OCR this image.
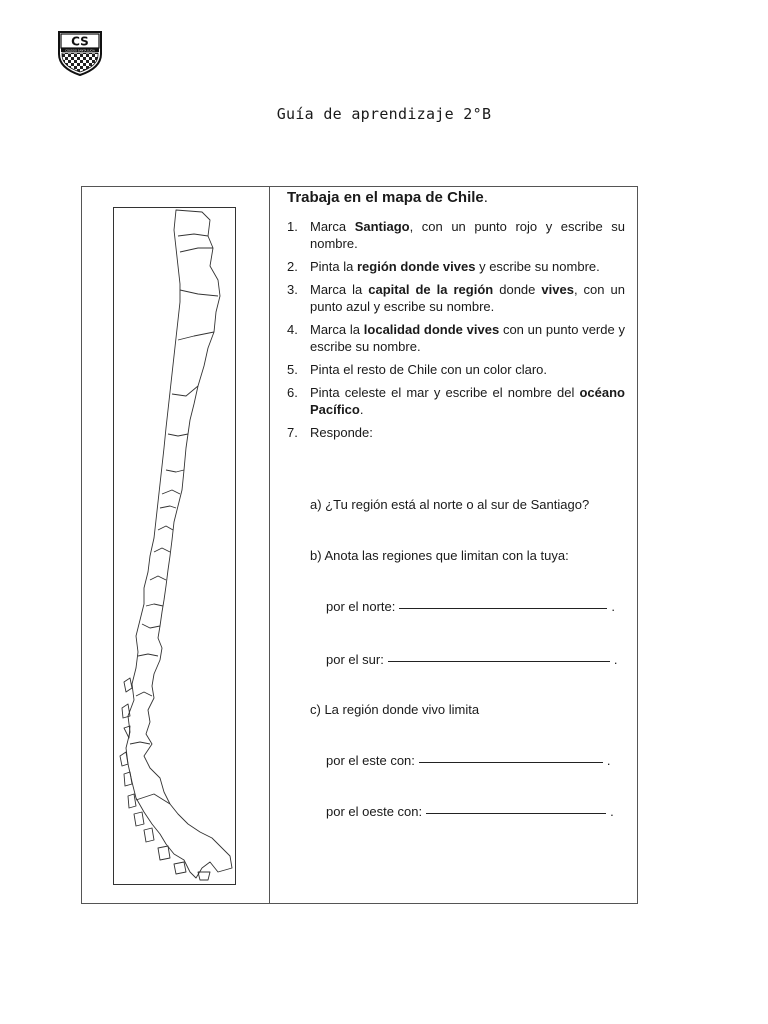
CS
COLEGIO SANTA LUCIA
Guía de aprendizaje 2°B
Trabaja en el mapa de Chile.
1. Marca Santiago, con un punto rojo y escribe su nombre.
2. Pinta la región donde vives y escribe su nombre.
3. Marca la capital de la región donde vives, con un punto azul y escribe su nombre.
4. Marca la localidad donde vives con un punto verde y escribe su nombre.
5. Pinta el resto de Chile con un color claro.
6. Pinta celeste el mar y escribe el nombre del océano Pacífico.
7. Responde:
a) ¿Tu región está al norte o al sur de Santiago?
b) Anota las regiones que limitan con la tuya:
por el norte:	.
por el sur:	.
c) La región donde vivo limita
por el este con:	.
por el oeste con:	.
